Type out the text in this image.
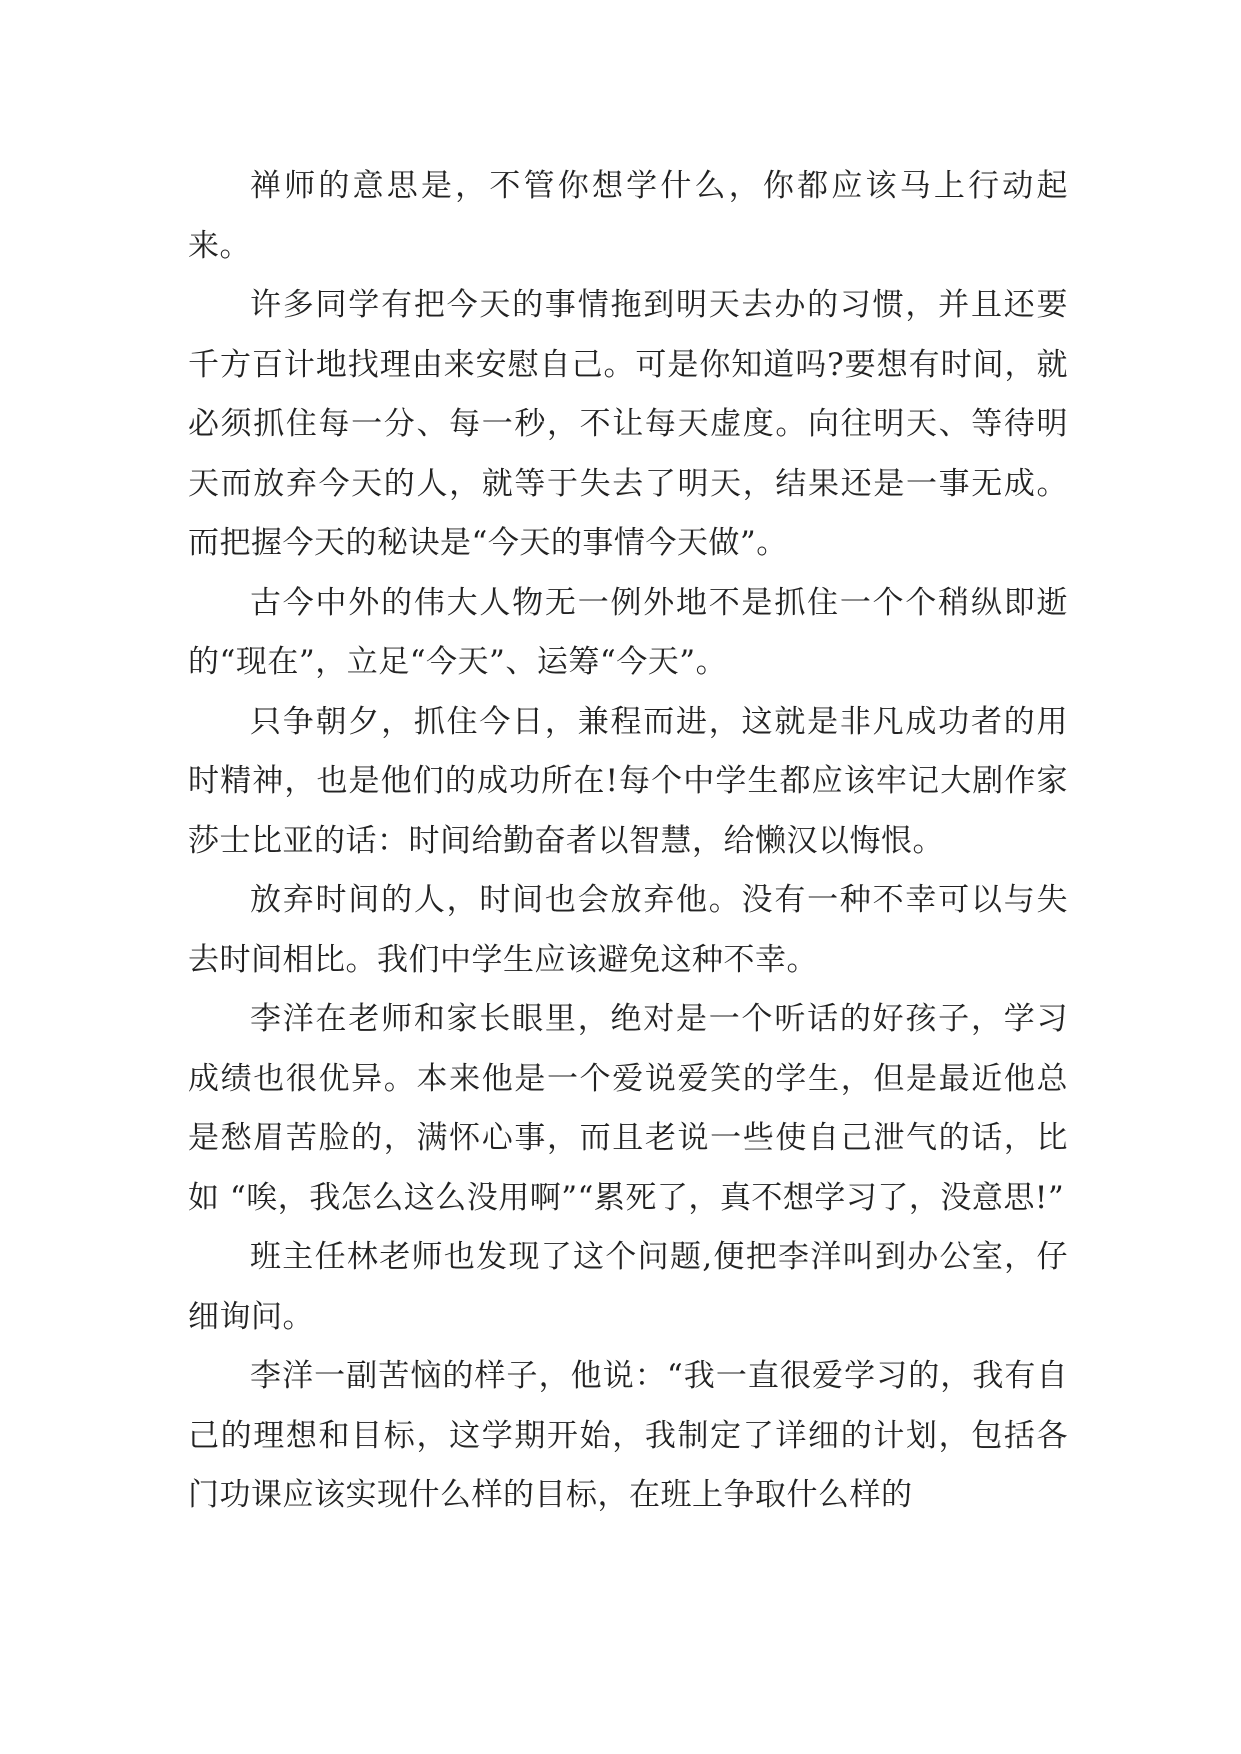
禅师的意思是，不管你想学什么，你都应该马上行动起来。

许多同学有把今天的事情拖到明天去办的习惯，并且还要千方百计地找理由来安慰自己。可是你知道吗?要想有时间，就必须抓住每一分、每一秒，不让每天虚度。向往明天、等待明天而放弃今天的人，就等于失去了明天，结果还是一事无成。而把握今天的秘诀是“今天的事情今天做”。

古今中外的伟大人物无一例外地不是抓住一个个稍纵即逝的“现在”，立足“今天”、运筹“今天”。

只争朝夕，抓住今日，兼程而进，这就是非凡成功者的用时精神，也是他们的成功所在!每个中学生都应该牢记大剧作家莎士比亚的话：时间给勤奋者以智慧，给懒汉以悔恨。

放弃时间的人，时间也会放弃他。没有一种不幸可以与失去时间相比。我们中学生应该避免这种不幸。

李洋在老师和家长眼里，绝对是一个听话的好孩子，学习成绩也很优异。本来他是一个爱说爱笑的学生，但是最近他总是愁眉苦脸的，满怀心事，而且老说一些使自己泄气的话，比如 “唉，我怎么这么没用啊”“累死了，真不想学习了，没意思!”

班主任林老师也发现了这个问题,便把李洋叫到办公室，仔细询问。

李洋一副苦恼的样子，他说：“我一直很爱学习的，我有自己的理想和目标，这学期开始，我制定了详细的计划，包括各门功课应该实现什么样的目标，在班上争取什么样的
